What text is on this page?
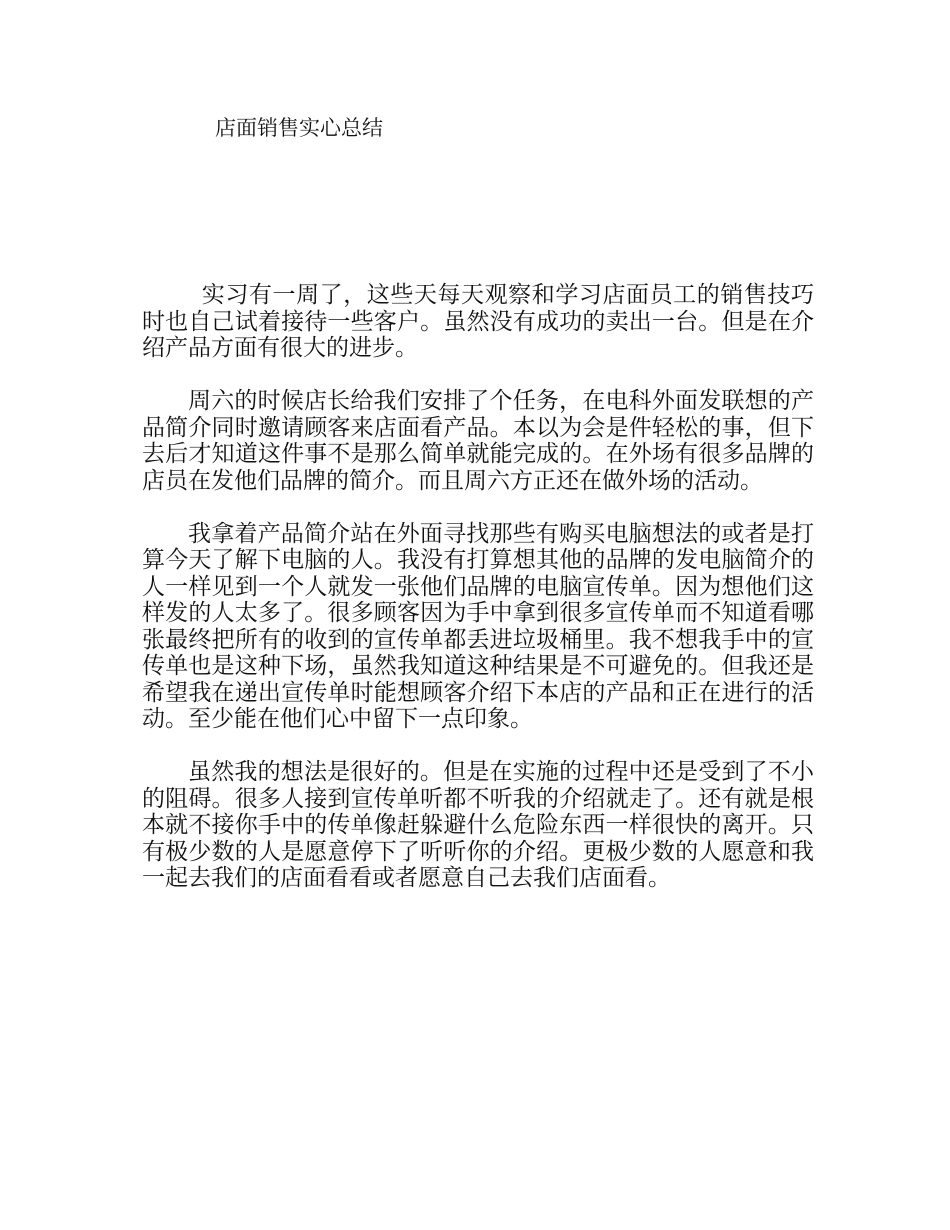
店面销售实心总结

实习有一周了，这些天每天观察和学习店面员工的销售技巧时也自己试着接待一些客户。虽然没有成功的卖出一台。但是在介绍产品方面有很大的进步。

周六的时候店长给我们安排了个任务，在电科外面发联想的产品简介同时邀请顾客来店面看产品。本以为会是件轻松的事，但下去后才知道这件事不是那么简单就能完成的。在外场有很多品牌的店员在发他们品牌的简介。而且周六方正还在做外场的活动。

我拿着产品简介站在外面寻找那些有购买电脑想法的或者是打算今天了解下电脑的人。我没有打算想其他的品牌的发电脑简介的人一样见到一个人就发一张他们品牌的电脑宣传单。因为想他们这样发的人太多了。很多顾客因为手中拿到很多宣传单而不知道看哪张最终把所有的收到的宣传单都丢进垃圾桶里。我不想我手中的宣传单也是这种下场，虽然我知道这种结果是不可避免的。但我还是希望我在递出宣传单时能想顾客介绍下本店的产品和正在进行的活动。至少能在他们心中留下一点印象。

虽然我的想法是很好的。但是在实施的过程中还是受到了不小的阻碍。很多人接到宣传单听都不听我的介绍就走了。还有就是根本就不接你手中的传单像赶躲避什么危险东西一样很快的离开。只有极少数的人是愿意停下了听听你的介绍。更极少数的人愿意和我一起去我们的店面看看或者愿意自己去我们店面看。
